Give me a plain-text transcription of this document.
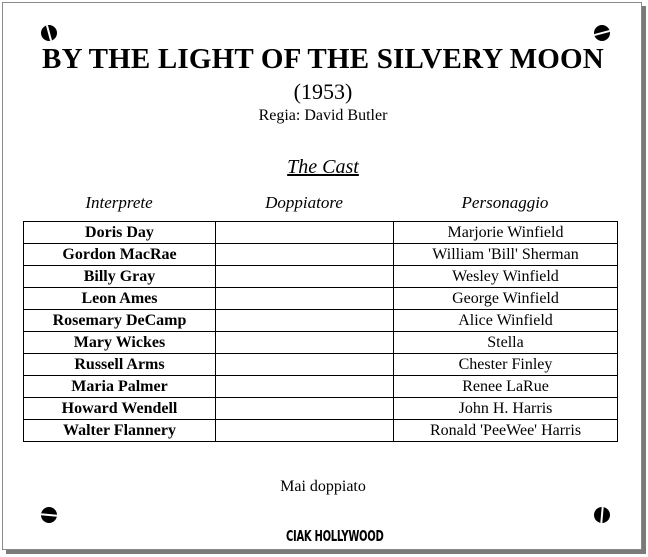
BY THE LIGHT OF THE SILVERY MOON
(1953)
Regia: David Butler
The Cast
Interprete	Doppiatore	Personaggio
Doris Day		Marjorie Winfield
Gordon MacRae		William 'Bill' Sherman
Billy Gray		Wesley Winfield
Leon Ames		George Winfield
Rosemary DeCamp		Alice Winfield
Mary Wickes		Stella
Russell Arms		Chester Finley
Maria Palmer		Renee LaRue
Howard Wendell		John H. Harris
Walter Flannery		Ronald 'PeeWee' Harris
Mai doppiato
CIAK HOLLYWOOD
